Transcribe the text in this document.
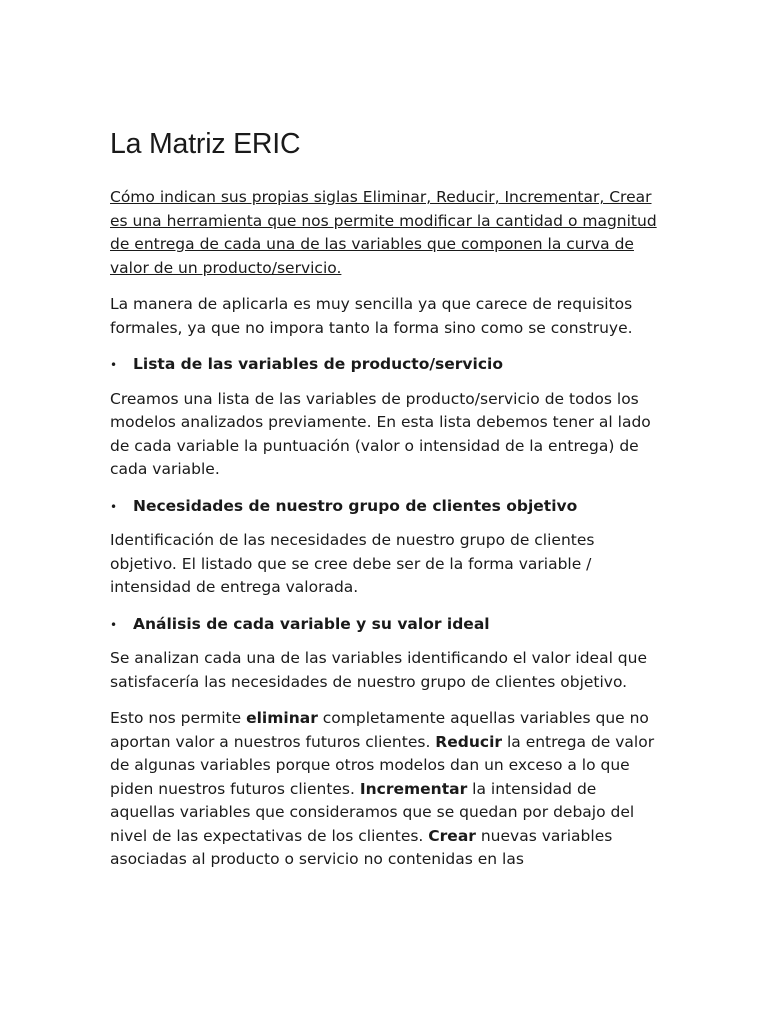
La Matriz ERIC

Cómo indican sus propias siglas Eliminar, Reducir, Incrementar, Crear es una herramienta que nos permite modificar la cantidad o magnitud de entrega de cada una de las variables que componen la curva de valor de un producto/servicio.

La manera de aplicarla es muy sencilla ya que carece de requisitos formales, ya que no impora tanto la forma sino como se construye.

•	Lista de las variables de producto/servicio

Creamos una lista de las variables de producto/servicio de todos los modelos analizados previamente. En esta lista debemos tener al lado de cada variable la puntuación (valor o intensidad de la entrega) de cada variable.

•	Necesidades de nuestro grupo de clientes objetivo

Identificación de las necesidades de nuestro grupo de clientes objetivo. El listado que se cree debe ser de la forma variable / intensidad de entrega valorada.

•	Análisis de cada variable y su valor ideal

Se analizan cada una de las variables identificando el valor ideal que satisfacería las necesidades de nuestro grupo de clientes objetivo.

Esto nos permite eliminar completamente aquellas variables que no aportan valor a nuestros futuros clientes. Reducir la entrega de valor de algunas variables porque otros modelos dan un exceso a lo que piden nuestros futuros clientes. Incrementar la intensidad de aquellas variables que consideramos que se quedan por debajo del nivel de las expectativas de los clientes. Crear nuevas variables asociadas al producto o servicio no contenidas en las
